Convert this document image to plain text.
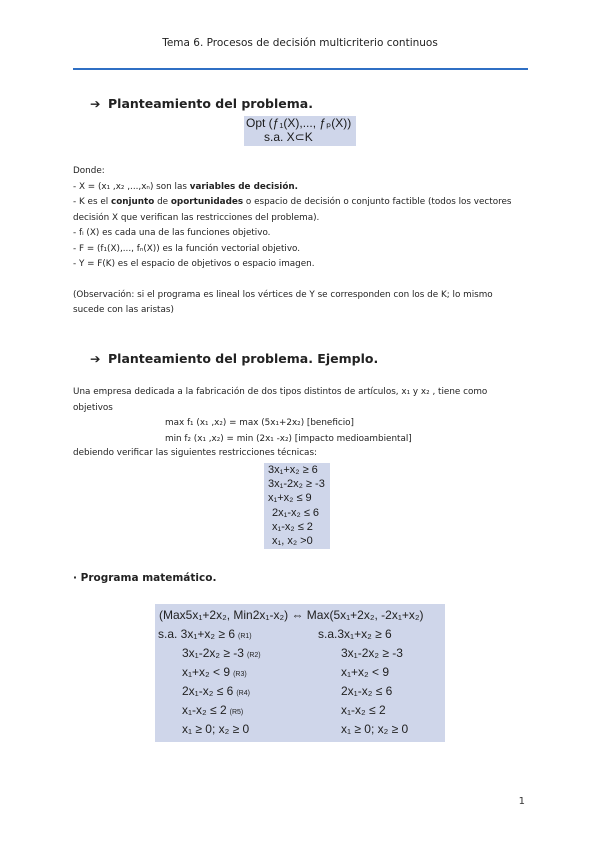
Tema 6. Procesos de decisión multicriterio continuos
➔ Planteamiento del problema.
Opt (ƒ₁(X),..., ƒₚ(X))
s.a. X⊂K

Donde:

- X = (x₁ ,x₂ ,...,xₙ) son las variables de decisión.

- K es el conjunto de oportunidades o espacio de decisión o conjunto factible (todos los vectores

decisión X que verifican las restricciones del problema).

- fᵢ (X) es cada una de las funciones objetivo.

- F = (f₁(X),..., fₙ(X)) es la función vectorial objetivo.

- Y = F(K) es el espacio de objetivos o espacio imagen.

(Observación: si el programa es lineal los vértices de Y se corresponden con los de K; lo mismo

sucede con las aristas)

➔ Planteamiento del problema. Ejemplo.

Una empresa dedicada a la fabricación de dos tipos distintos de artículos, x₁ y x₂ , tiene como

objetivos

max f₁ (x₁ ,x₂) = max (5x₁+2x₂) [beneficio]

min f₂ (x₁ ,x₂) = min (2x₁ -x₂) [impacto medioambiental]

debiendo verificar las siguientes restricciones técnicas:
3x₁+x₂ ≥ 6
3x₁-2x₂ ≥ -3
x₁+x₂ ≤ 9
2x₁-x₂ ≤ 6
x₁-x₂ ≤ 2
x₁, x₂ >0
· Programa matemático.
(Max5x₁+2x₂, Min2x₁-x₂) ⇔ Max(5x₁+2x₂, -2x₁+x₂)
s.a. 3x₁+x₂ ≥ 6 (R1)	s.a.3x₁+x₂ ≥ 6
3x₁-2x₂ ≥ -3 (R2)	3x₁-2x₂ ≥ -3
x₁+x₂ < 9 (R3)	x₁+x₂ < 9
2x₁-x₂ ≤ 6 (R4)	2x₁-x₂ ≤ 6
x₁-x₂ ≤ 2 (R5)	x₁-x₂ ≤ 2
x₁ ≥ 0; x₂ ≥ 0	x₁ ≥ 0; x₂ ≥ 0
1
